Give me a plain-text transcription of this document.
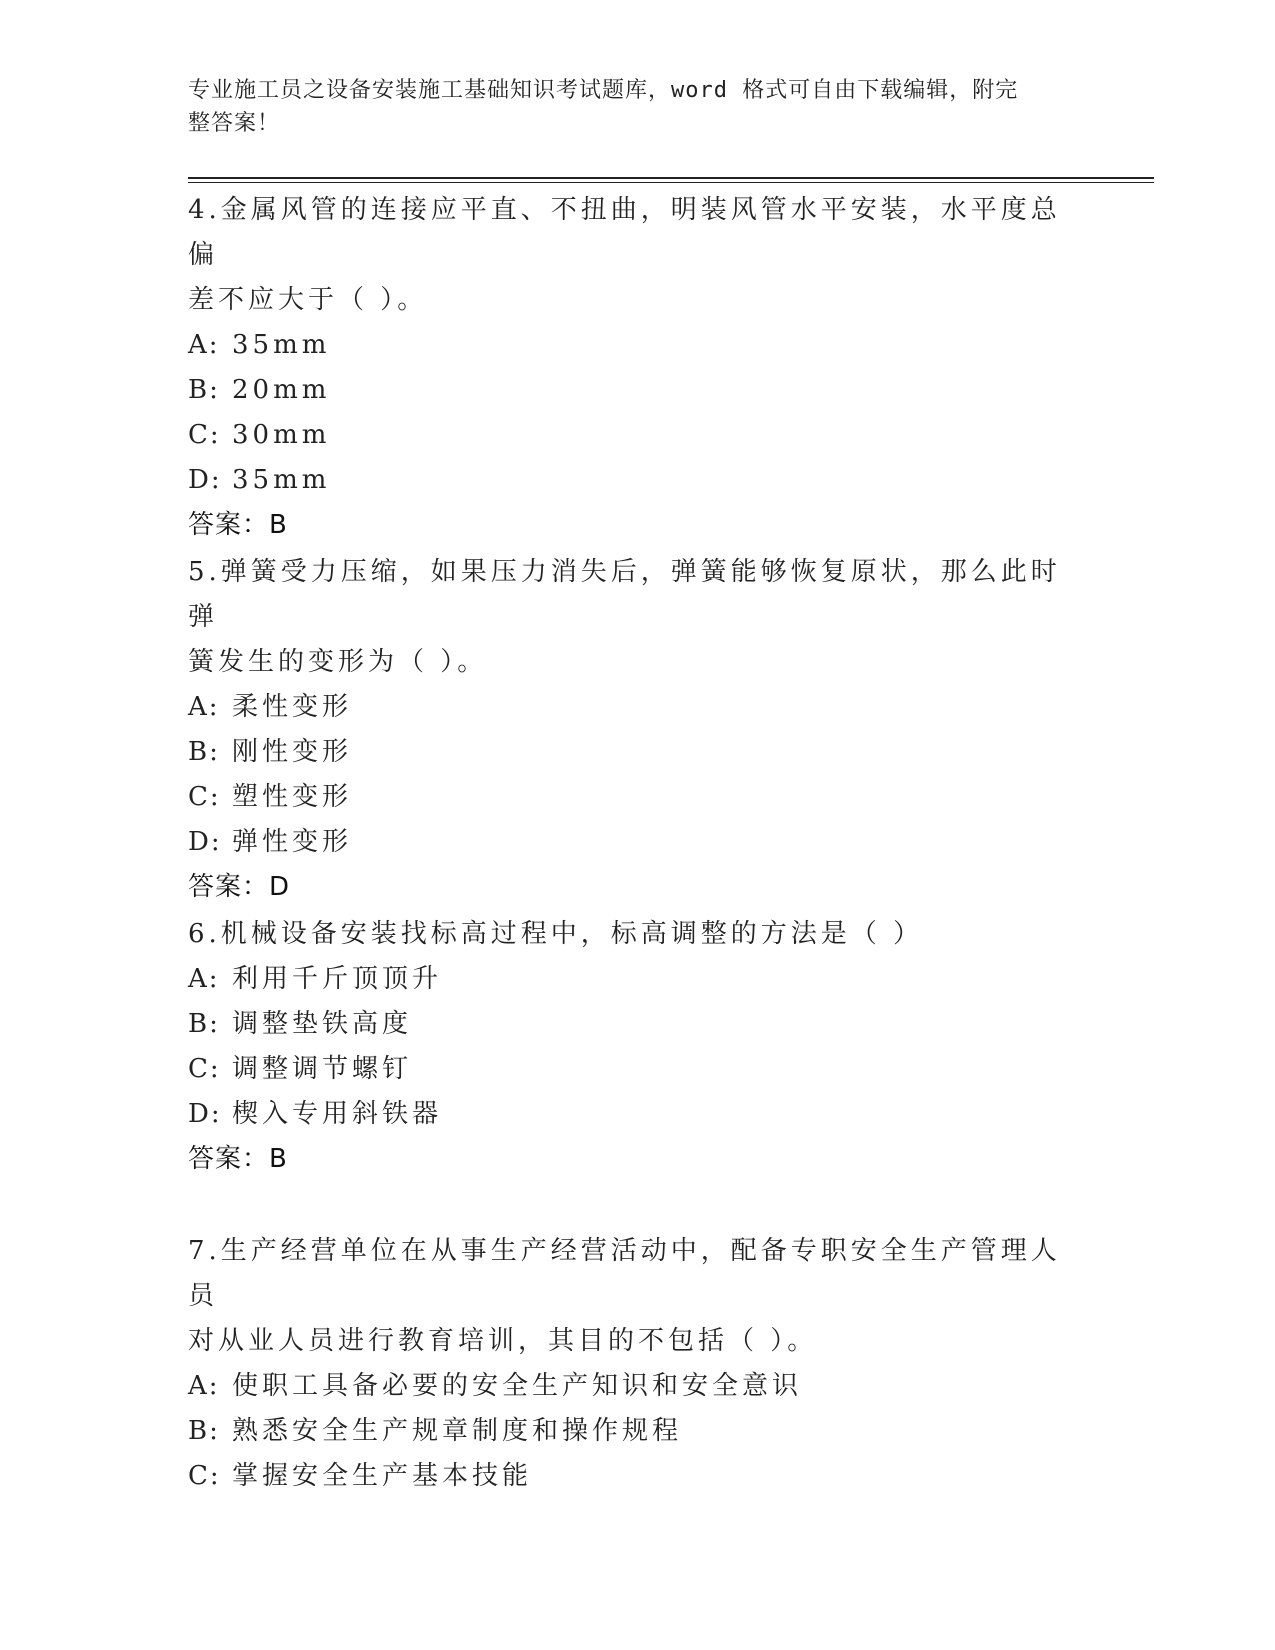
专业施工员之设备安装施工基础知识考试题库，word 格式可自由下载编辑，附完
整答案！

4.金属风管的连接应平直、不扭曲，明装风管水平安装，水平度总偏

差不应大于（ ）。

A: 35mm

B: 20mm

C: 30mm

D: 35mm

答案：B

5.弹簧受力压缩，如果压力消失后，弹簧能够恢复原状，那么此时弹

簧发生的变形为（ ）。

A: 柔性变形

B: 刚性变形

C: 塑性变形

D: 弹性变形

答案：D

6.机械设备安装找标高过程中，标高调整的方法是（ ）

A: 利用千斤顶顶升

B: 调整垫铁高度

C: 调整调节螺钉

D: 楔入专用斜铁器

答案：B

7.生产经营单位在从事生产经营活动中，配备专职安全生产管理人员

对从业人员进行教育培训，其目的不包括（ ）。

A: 使职工具备必要的安全生产知识和安全意识

B: 熟悉安全生产规章制度和操作规程

C: 掌握安全生产基本技能
